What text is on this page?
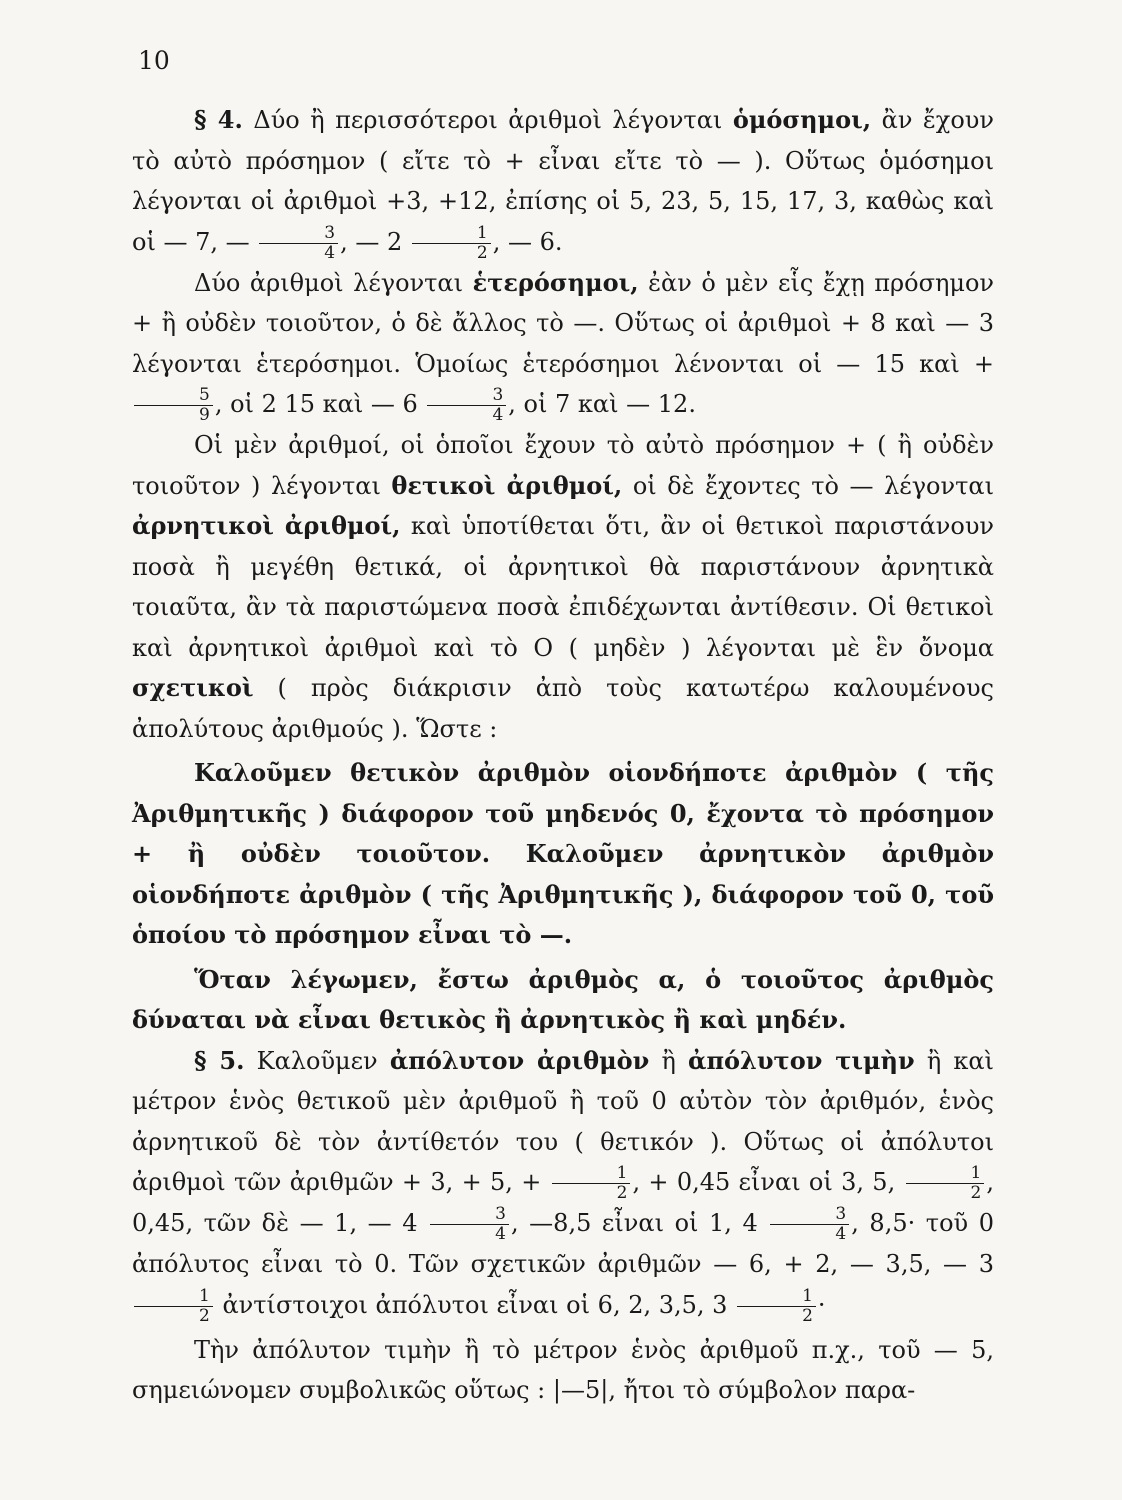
10

§ 4. Δύο ἢ περισσότεροι ἀριθμοὶ λέγονται ὁμόσημοι, ἂν ἔχουν τὸ αὐτὸ πρόσημον ( εἴτε τὸ + εἶναι εἴτε τὸ — ). Οὕτως ὁμόσημοι λέγονται οἱ ἀριθμοὶ +3, +12, ἐπίσης οἱ 5, 23, 5, 15, 17, 3, καθὼς καὶ οἱ — 7, — $\frac{3}{4}$ , — $2 \frac{1}{2}$ , — 6.

Δύο ἀριθμοὶ λέγονται ἑτερόσημοι, ἐὰν ὁ μὲν εἷς ἔχῃ πρόσημον + ἢ οὐδὲν τοιοῦτον, ὁ δὲ ἄλλος τὸ —. Οὕτως οἱ ἀριθμοὶ + 8 καὶ — 3 λέγονται ἑτερόσημοι. Ὁμοίως ἑτερόσημοι λένονται οἱ — 15 καὶ +
$\frac{5}{9}$ , οἱ 2 15 καὶ — $6 \frac{3}{4}$ , οἱ 7 καὶ — 12.

Οἱ μὲν ἀριθμοί, οἱ ὁποῖοι ἔχουν τὸ αὐτὸ πρόσημον + ( ἢ οὐδὲν τοιοῦτον ) λέγονται θετικοὶ ἀριθμοί, οἱ δὲ ἔχοντες τὸ — λέγονται ἀρνητικοὶ ἀριθμοί, καὶ ὑποτίθεται ὅτι, ἂν οἱ θετικοὶ παριστάνουν ποσὰ ἢ μεγέθη θετικά, οἱ ἀρνητικοὶ θὰ παριστάνουν ἀρνητικὰ τοιαῦτα, ἂν τὰ παριστώμενα ποσὰ ἐπιδέχωνται ἀντίθεσιν. Οἱ θετικοὶ καὶ ἀρνητικοὶ ἀριθμοὶ καὶ τὸ O ( μηδὲν ) λέγονται μὲ ἓν ὄνομα σχετικοὶ ( πρὸς διάκρισιν ἀπὸ τοὺς κατωτέρω καλουμένους ἀπολύτους ἀριθμούς ). Ὥστε :

Καλοῦμεν θετικὸν ἀριθμὸν οἱονδήποτε ἀριθμὸν ( τῆς Ἀριθμητικῆς ) διάφορον τοῦ μηδενός 0, ἔχοντα τὸ πρόσημον + ἢ οὐδὲν τοιοῦτον. Καλοῦμεν ἀρνητικὸν ἀριθμὸν οἱονδήποτε ἀριθμὸν ( τῆς Ἀριθμητικῆς ), διάφορον τοῦ 0, τοῦ ὁποίου τὸ πρόσημον εἶναι τὸ —.

Ὅταν λέγωμεν, ἔστω ἀριθμὸς α, ὁ τοιοῦτος ἀριθμὸς δύναται νὰ εἶναι θετικὸς ἢ ἀρνητικὸς ἢ καὶ μηδέν.

§ 5. Καλοῦμεν ἀπόλυτον ἀριθμὸν ἢ ἀπόλυτον τιμὴν ἢ καὶ μέτρον ἑνὸς θετικοῦ μὲν ἀριθμοῦ ἢ τοῦ 0 αὐτὸν τὸν ἀριθμόν, ἑνὸς ἀρνητικοῦ δὲ τὸν ἀντίθετόν του ( θετικόν ). Οὕτως οἱ ἀπόλυτοι ἀριθμοὶ τῶν ἀριθμῶν + 3, + 5, + $\frac{1}{2}$ , + 0,45 εἶναι οἱ 3, 5, $\frac{1}{2}$ , 0,45, τῶν δὲ — 1, — $4 \frac{3}{4}$ , —8,5 εἶναι οἱ 1, $4 \frac{3}{4}$ , 8,5· τοῦ 0 ἀπόλυτος εἶναι τὸ 0. Τῶν σχετικῶν ἀριθμῶν — 6, + 2, — 3,5, — 3
$\frac{1}{2}$ ἀντίστοιχοι ἀπόλυτοι εἶναι οἱ 6, 2, 3,5, $3 \frac{1}{2}$ ·

Τὴν ἀπόλυτον τιμὴν ἢ τὸ μέτρον ἑνὸς ἀριθμοῦ π.χ., τοῦ — 5, σημειώνομεν συμβολικῶς οὕτως : |—5|, ἤτοι τὸ σύμβολον παρα-
